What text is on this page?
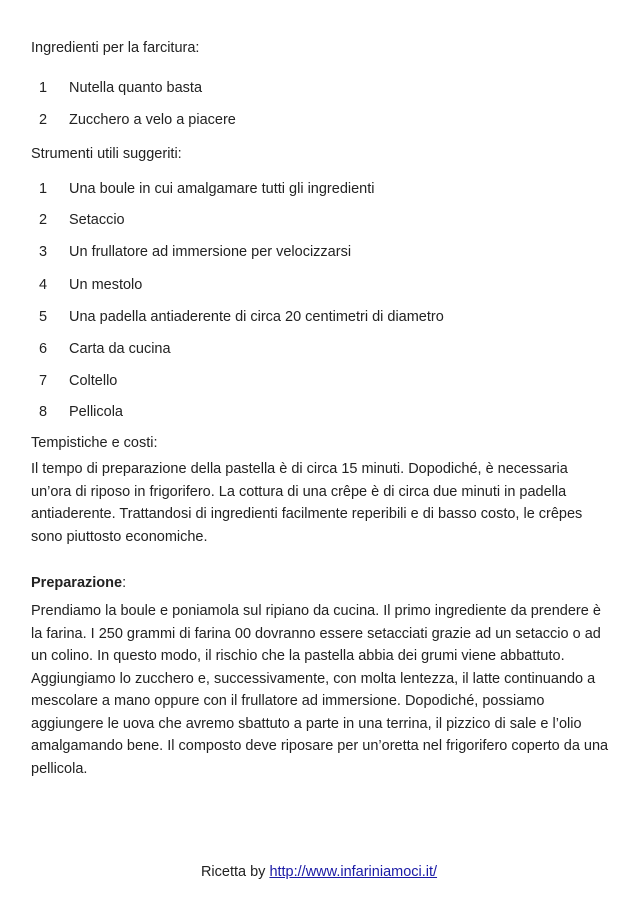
Ingredienti per la farcitura:
1 Nutella quanto basta
2 Zucchero a velo a piacere
Strumenti utili suggeriti:
1 Una boule in cui amalgamare tutti gli ingredienti
2 Setaccio
3 Un frullatore ad immersione per velocizzarsi
4 Un mestolo
5 Una padella antiaderente di circa 20 centimetri di diametro
6 Carta da cucina
7 Coltello
8 Pellicola
Tempistiche e costi:
Il tempo di preparazione della pastella è di circa 15 minuti. Dopodiché, è necessaria un’ora di riposo in frigorifero. La cottura di una crêpe è di circa due minuti in padella antiaderente. Trattandosi di ingredienti facilmente reperibili e di basso costo, le crêpes sono piuttosto economiche.
Preparazione:
Prendiamo la boule e poniamola sul ripiano da cucina. Il primo ingrediente da prendere è la farina. I 250 grammi di farina 00 dovranno essere setacciati grazie ad un setaccio o ad un colino. In questo modo, il rischio che la pastella abbia dei grumi viene abbattuto. Aggiungiamo lo zucchero e, successivamente, con molta lentezza, il latte continuando a mescolare a mano oppure con il frullatore ad immersione. Dopodiché, possiamo aggiungere le uova che avremo sbattuto a parte in una terrina, il pizzico di sale e l’olio amalgamando bene. Il composto deve riposare per un’oretta nel frigorifero coperto da una pellicola.
Ricetta by http://www.infariniamoci.it/
